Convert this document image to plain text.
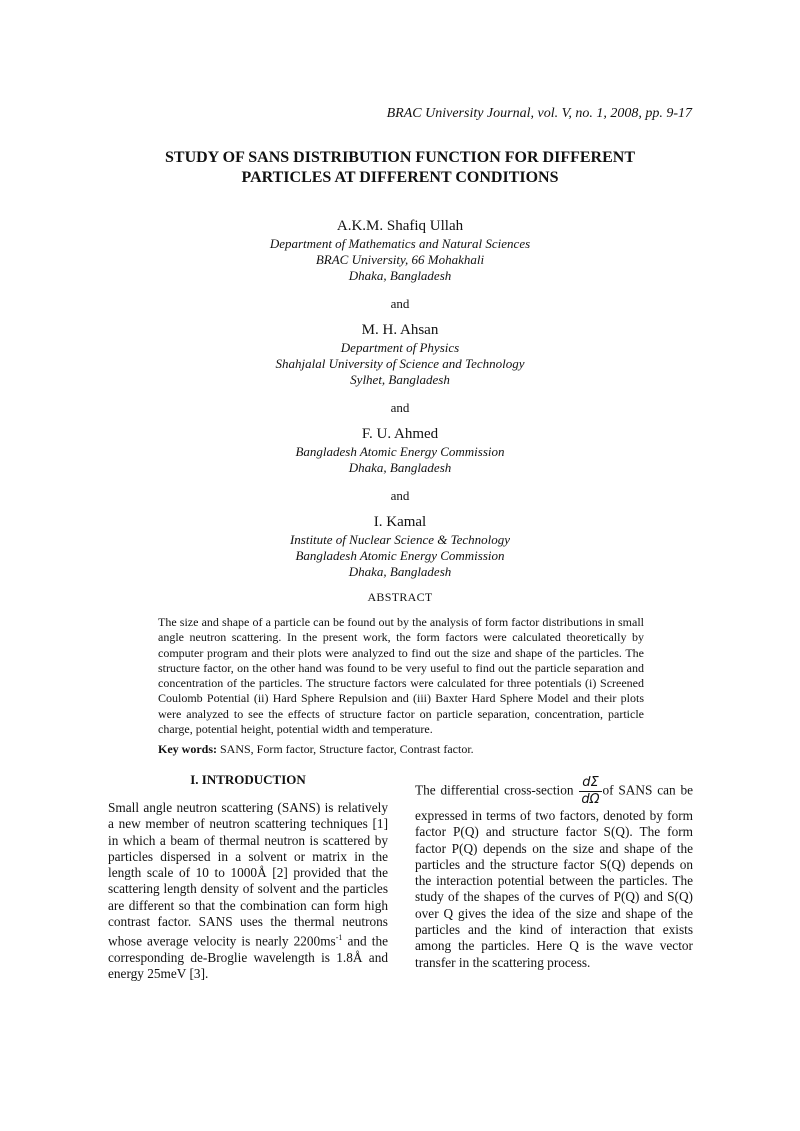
BRAC University Journal, vol. V, no. 1, 2008, pp. 9-17
STUDY OF SANS DISTRIBUTION FUNCTION FOR DIFFERENT
PARTICLES AT DIFFERENT CONDITIONS
A.K.M. Shafiq Ullah
Department of Mathematics and Natural Sciences
BRAC University, 66 Mohakhali
Dhaka, Bangladesh
and
M. H. Ahsan
Department of Physics
Shahjalal University of Science and Technology
Sylhet, Bangladesh
and
F. U. Ahmed
Bangladesh Atomic Energy Commission
Dhaka, Bangladesh
and
I. Kamal
Institute of Nuclear Science & Technology
Bangladesh Atomic Energy Commission
Dhaka, Bangladesh
ABSTRACT
The size and shape of a particle can be found out by the analysis of form factor distributions in small angle neutron scattering. In the present work, the form factors were calculated theoretically by computer program and their plots were analyzed to find out the size and shape of the particles. The structure factor, on the other hand was found to be very useful to find out the particle separation and concentration of the particles. The structure factors were calculated for three potentials (i) Screened Coulomb Potential (ii) Hard Sphere Repulsion and (iii) Baxter Hard Sphere Model and their plots were analyzed to see the effects of structure factor on particle separation, concentration, particle charge, potential height, potential width and temperature.
Key words: SANS, Form factor, Structure factor, Contrast factor.
I. INTRODUCTION
Small angle neutron scattering (SANS) is relatively a new member of neutron scattering techniques [1] in which a beam of thermal neutron is scattered by particles dispersed in a solvent or matrix in the length scale of 10 to 1000Å [2] provided that the scattering length density of solvent and the particles are different so that the combination can form high contrast factor. SANS uses the thermal neutrons whose average velocity is nearly $2200ms^{-1}$ and the corresponding de-Broglie wavelength is 1.8Å and energy 25meV [3].
The differential cross-section $\frac{d\Sigma}{d\Omega}$ of SANS can be expressed in terms of two factors, denoted by form factor P(Q) and structure factor S(Q). The form factor P(Q) depends on the size and shape of the particles and the structure factor S(Q) depends on the interaction potential between the particles. The study of the shapes of the curves of P(Q) and S(Q) over Q gives the idea of the size and shape of the particles and the kind of interaction that exists among the particles. Here Q is the wave vector transfer in the scattering process.
